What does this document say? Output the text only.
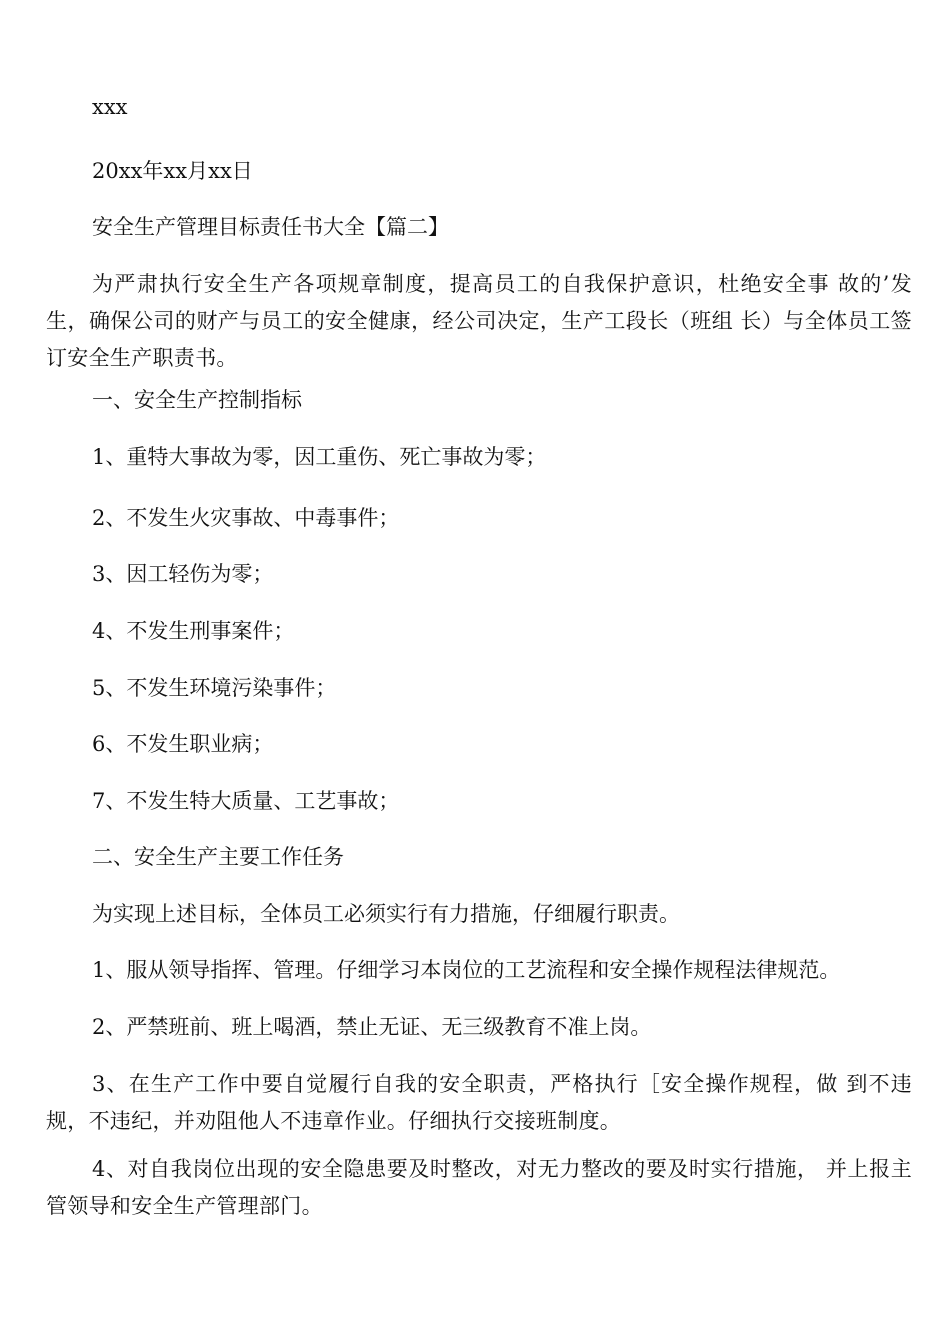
xxx
20xx年xx月xx日
安全生产管理目标责任书大全【篇二】
为严肃执行安全生产各项规章制度，提高员工的自我保护意识，杜绝安全事 故的’发生，确保公司的财产与员工的安全健康，经公司决定，生产工段长（班组 长）与全体员工签订安全生产职责书。
一、安全生产控制指标
1、重特大事故为零，因工重伤、死亡事故为零；
2、不发生火灾事故、中毒事件；
3、因工轻伤为零；
4、不发生刑事案件；
5、不发生环境污染事件；
6、不发生职业病；
7、不发生特大质量、工艺事故；
二、安全生产主要工作任务
为实现上述目标，全体员工必须实行有力措施，仔细履行职责。
1、服从领导指挥、管理。仔细学习本岗位的工艺流程和安全操作规程法律规范。
2、严禁班前、班上喝酒，禁止无证、无三级教育不准上岗。
3、在生产工作中要自觉履行自我的安全职责，严格执行［安全操作规程，做 到不违规，不违纪，并劝阻他人不违章作业。仔细执行交接班制度。
4、对自我岗位出现的安全隐患要及时整改，对无力整改的要及时实行措施， 并上报主管领导和安全生产管理部门。
